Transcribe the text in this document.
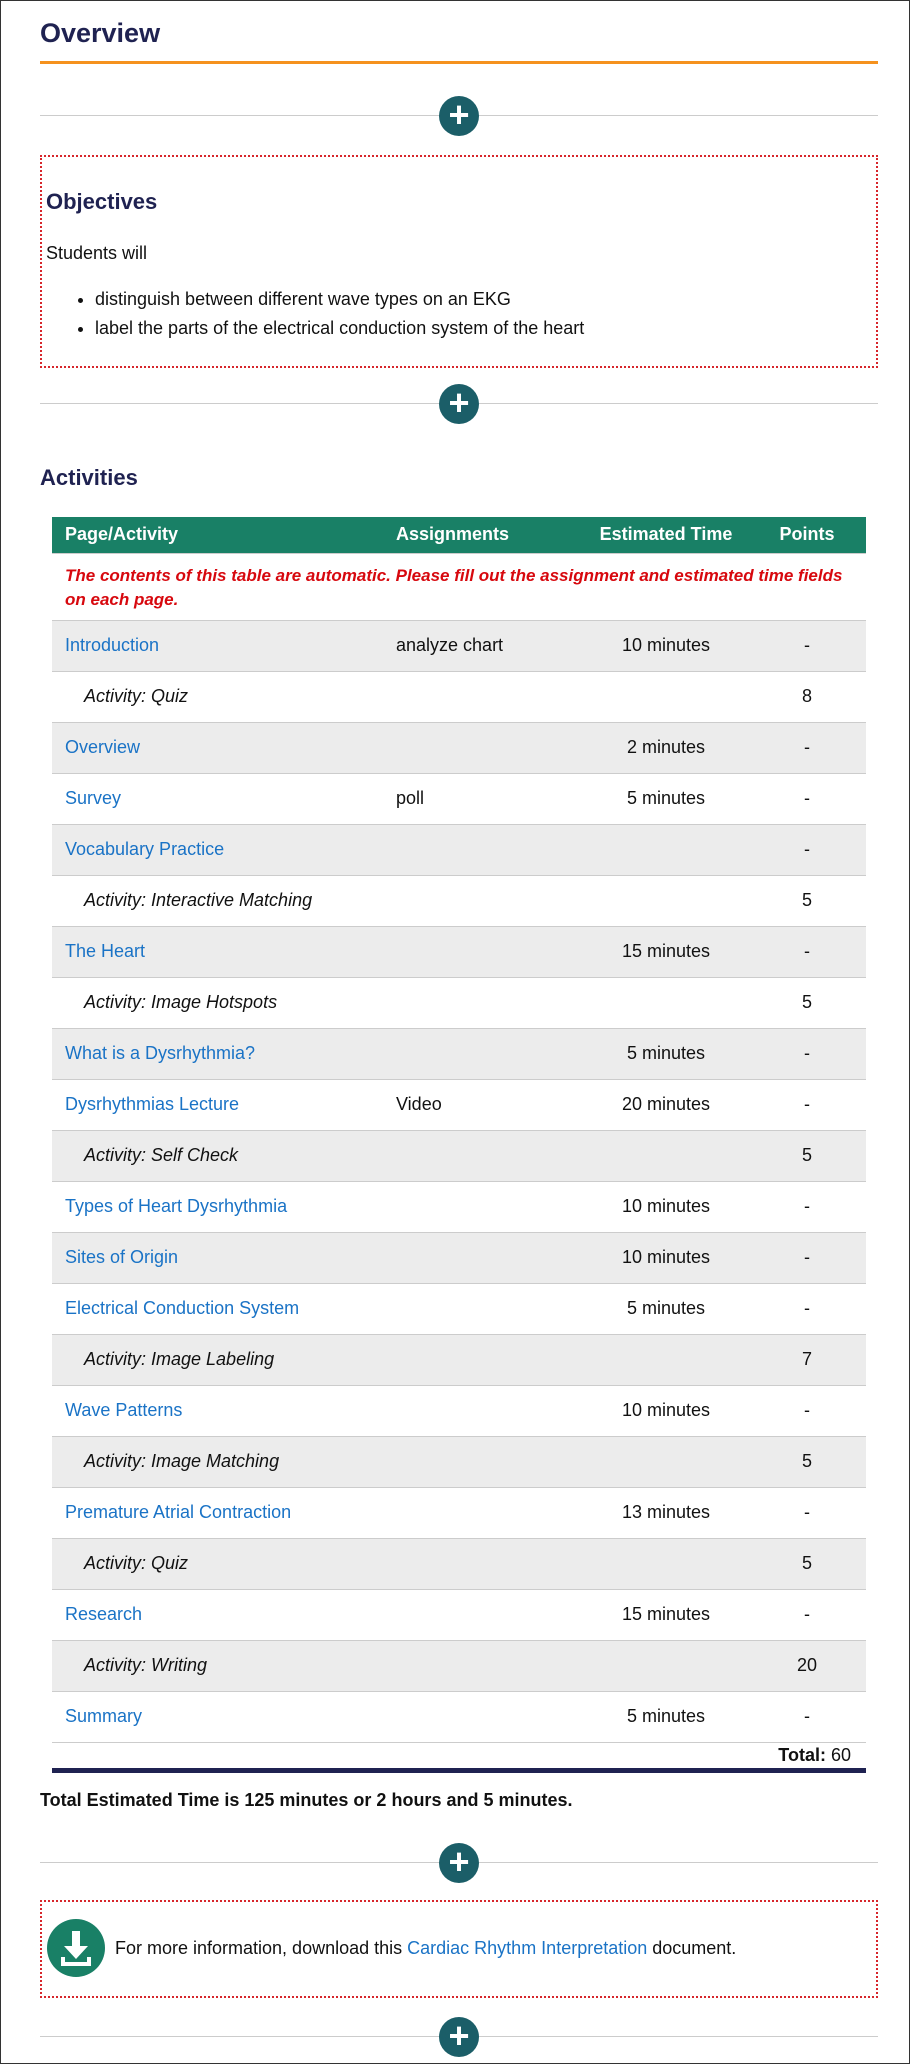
Overview
+
Objectives
Students will
• distinguish between different wave types on an EKG
• label the parts of the electrical conduction system of the heart
+
Activities
Page/Activity	Assignments	Estimated Time	Points
The contents of this table are automatic. Please fill out the assignment and estimated time fields on each page.			
Introduction	analyze chart	10 minutes	-
Activity: Quiz			8
Overview		2 minutes	-
Survey	poll	5 minutes	-
Vocabulary Practice			-
Activity: Interactive Matching			5
The Heart		15 minutes	-
Activity: Image Hotspots			5
What is a Dysrhythmia?		5 minutes	-
Dysrhythmias Lecture	Video	20 minutes	-
Activity: Self Check			5
Types of Heart Dysrhythmia		10 minutes	-
Sites of Origin		10 minutes	-
Electrical Conduction System		5 minutes	-
Activity: Image Labeling			7
Wave Patterns		10 minutes	-
Activity: Image Matching			5
Premature Atrial Contraction		13 minutes	-
Activity: Quiz			5
Research		15 minutes	-
Activity: Writing			20
Summary		5 minutes	-
Total: 60			
Total Estimated Time is 125 minutes or 2 hours and 5 minutes.
+
For more information, download this Cardiac Rhythm Interpretation document.
+
